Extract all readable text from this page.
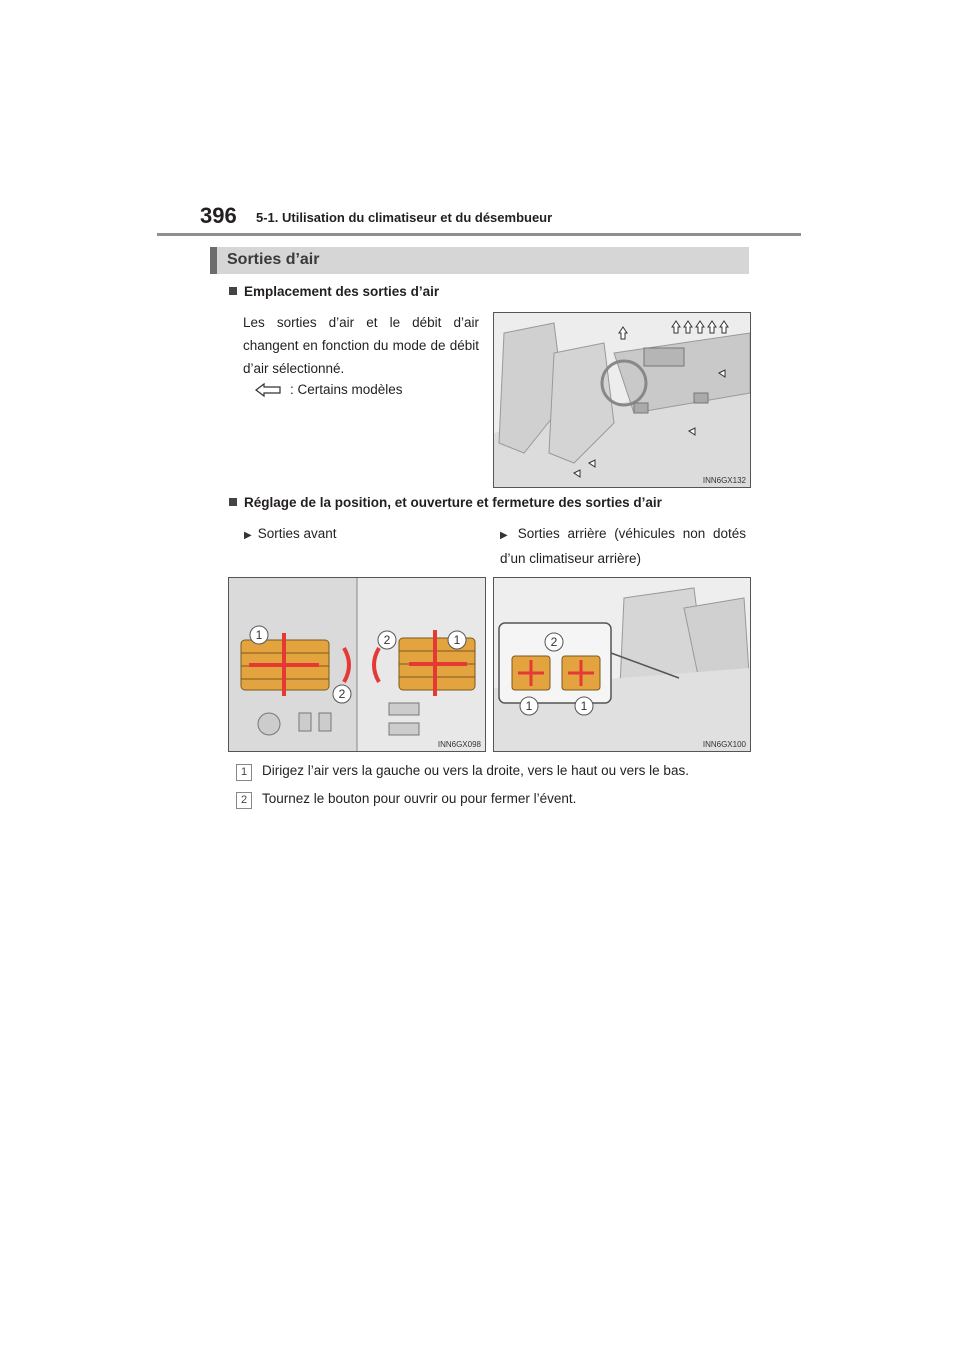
396 5-1. Utilisation du climatiseur et du désembueur
Sorties d’air
Emplacement des sorties d’air
Les sorties d’air et le débit d’air changent en fonction du mode de débit d’air sélectionné.
: Certains modèles
INN6GX132
Réglage de la position, et ouverture et fermeture des sorties d’air
▶ Sorties avant	▶ Sorties arrière (véhicules non dotés d’un climatiseur arrière)
1
2
2	1
INN6GX098
2
1	1
INN6GX100
1 Dirigez l’air vers la gauche ou vers la droite, vers le haut ou vers le bas.
2 Tournez le bouton pour ouvrir ou pour fermer l’évent.
